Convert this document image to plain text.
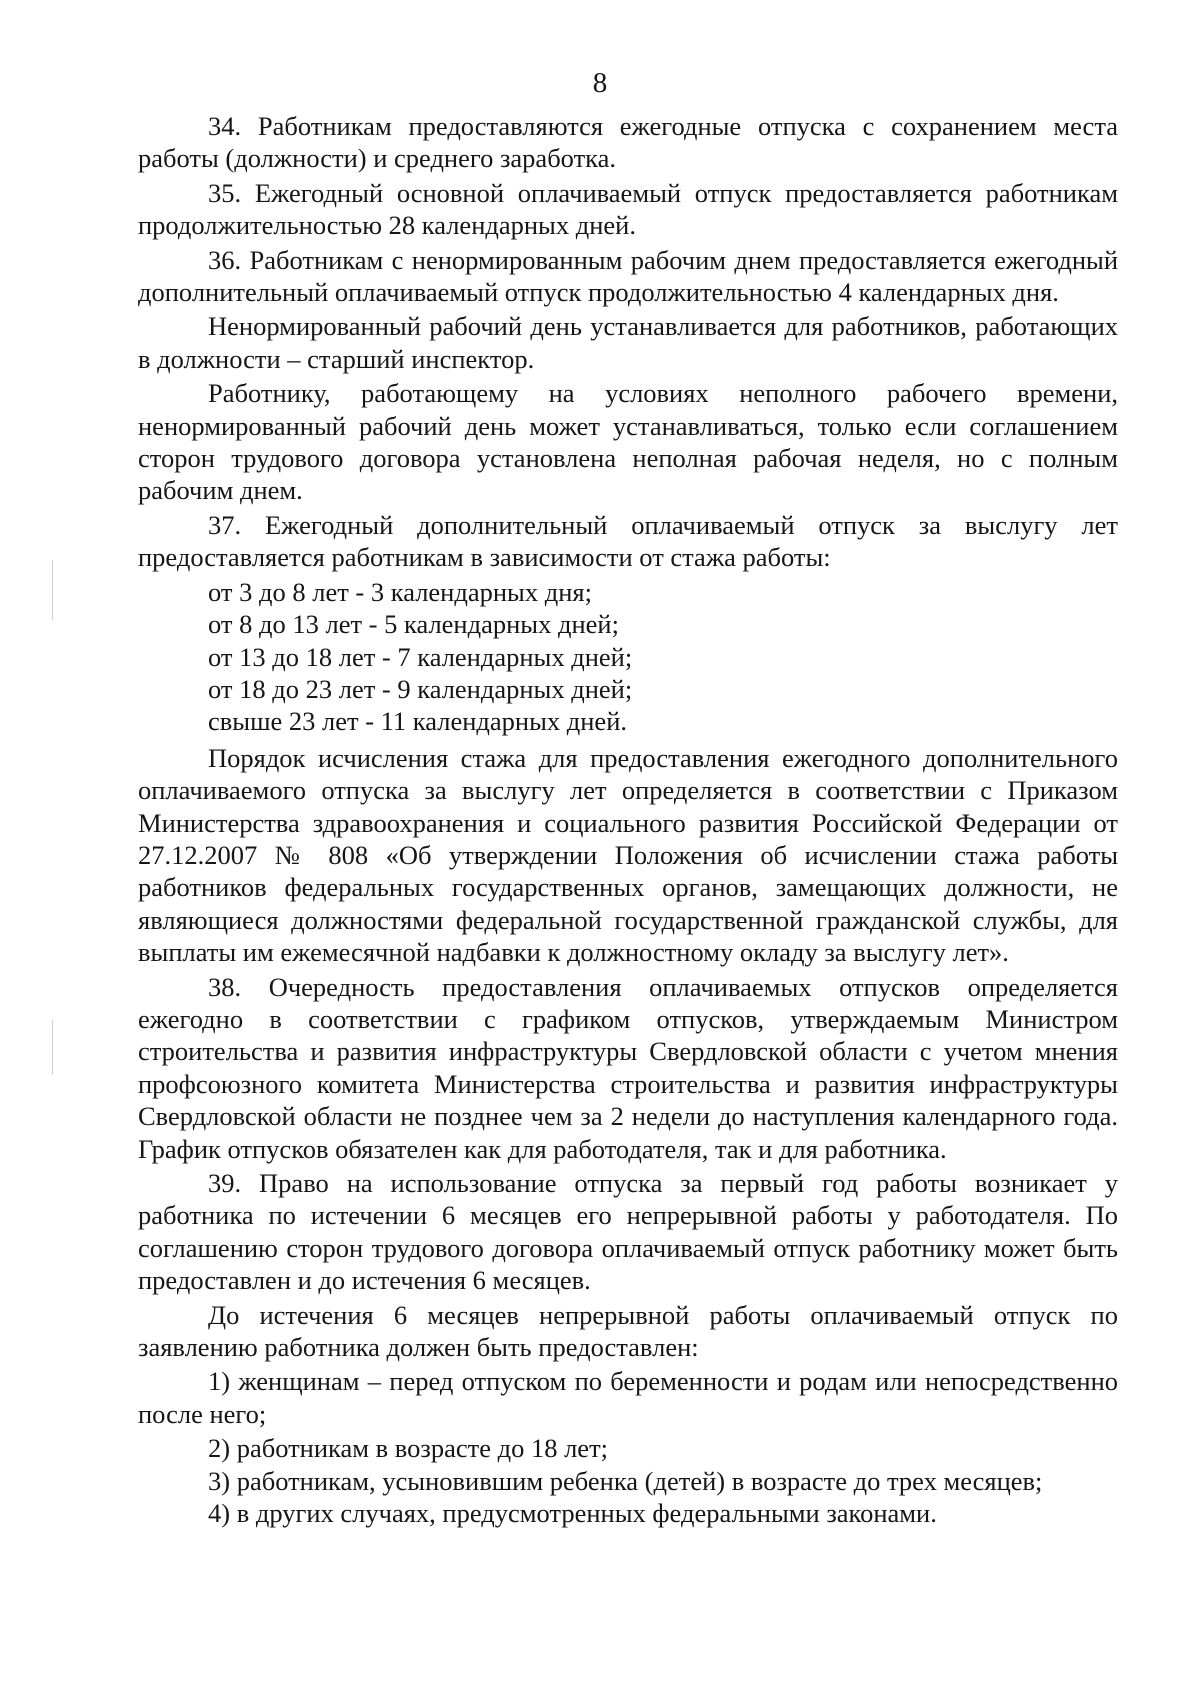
8

34. Работникам предоставляются ежегодные отпуска с сохранением места работы (должности) и среднего заработка.

35. Ежегодный основной оплачиваемый отпуск предоставляется работникам продолжительностью 28 календарных дней.

36. Работникам с ненормированным рабочим днем предоставляется ежегодный дополнительный оплачиваемый отпуск продолжительностью 4 календарных дня.

Ненормированный рабочий день устанавливается для работников, работающих в должности – старший инспектор.

Работнику, работающему на условиях неполного рабочего времени, ненормированный рабочий день может устанавливаться, только если соглашением сторон трудового договора установлена неполная рабочая неделя, но с полным рабочим днем.

37. Ежегодный дополнительный оплачиваемый отпуск за выслугу лет предоставляется работникам в зависимости от стажа работы:

от 3 до 8 лет - 3 календарных дня;

от 8 до 13 лет - 5 календарных дней;

от 13 до 18 лет - 7 календарных дней;

от 18 до 23 лет - 9 календарных дней;

свыше 23 лет - 11 календарных дней.

Порядок исчисления стажа для предоставления ежегодного дополнительного оплачиваемого отпуска за выслугу лет определяется в соответствии с Приказом Министерства здравоохранения и социального развития Российской Федерации от 27.12.2007 № 808 «Об утверждении Положения об исчислении стажа работы работников федеральных государственных органов, замещающих должности, не являющиеся должностями федеральной государственной гражданской службы, для выплаты им ежемесячной надбавки к должностному окладу за выслугу лет».

38. Очередность предоставления оплачиваемых отпусков определяется ежегодно в соответствии с графиком отпусков, утверждаемым Министром строительства и развития инфраструктуры Свердловской области с учетом мнения профсоюзного комитета Министерства строительства и развития инфраструктуры Свердловской области не позднее чем за 2 недели до наступления календарного года. График отпусков обязателен как для работодателя, так и для работника.

39. Право на использование отпуска за первый год работы возникает у работника по истечении 6 месяцев его непрерывной работы у работодателя. По соглашению сторон трудового договора оплачиваемый отпуск работнику может быть предоставлен и до истечения 6 месяцев.

До истечения 6 месяцев непрерывной работы оплачиваемый отпуск по заявлению работника должен быть предоставлен:

1) женщинам – перед отпуском по беременности и родам или непосредственно после него;

2) работникам в возрасте до 18 лет;

3) работникам, усыновившим ребенка (детей) в возрасте до трех месяцев;

4) в других случаях, предусмотренных федеральными законами.
